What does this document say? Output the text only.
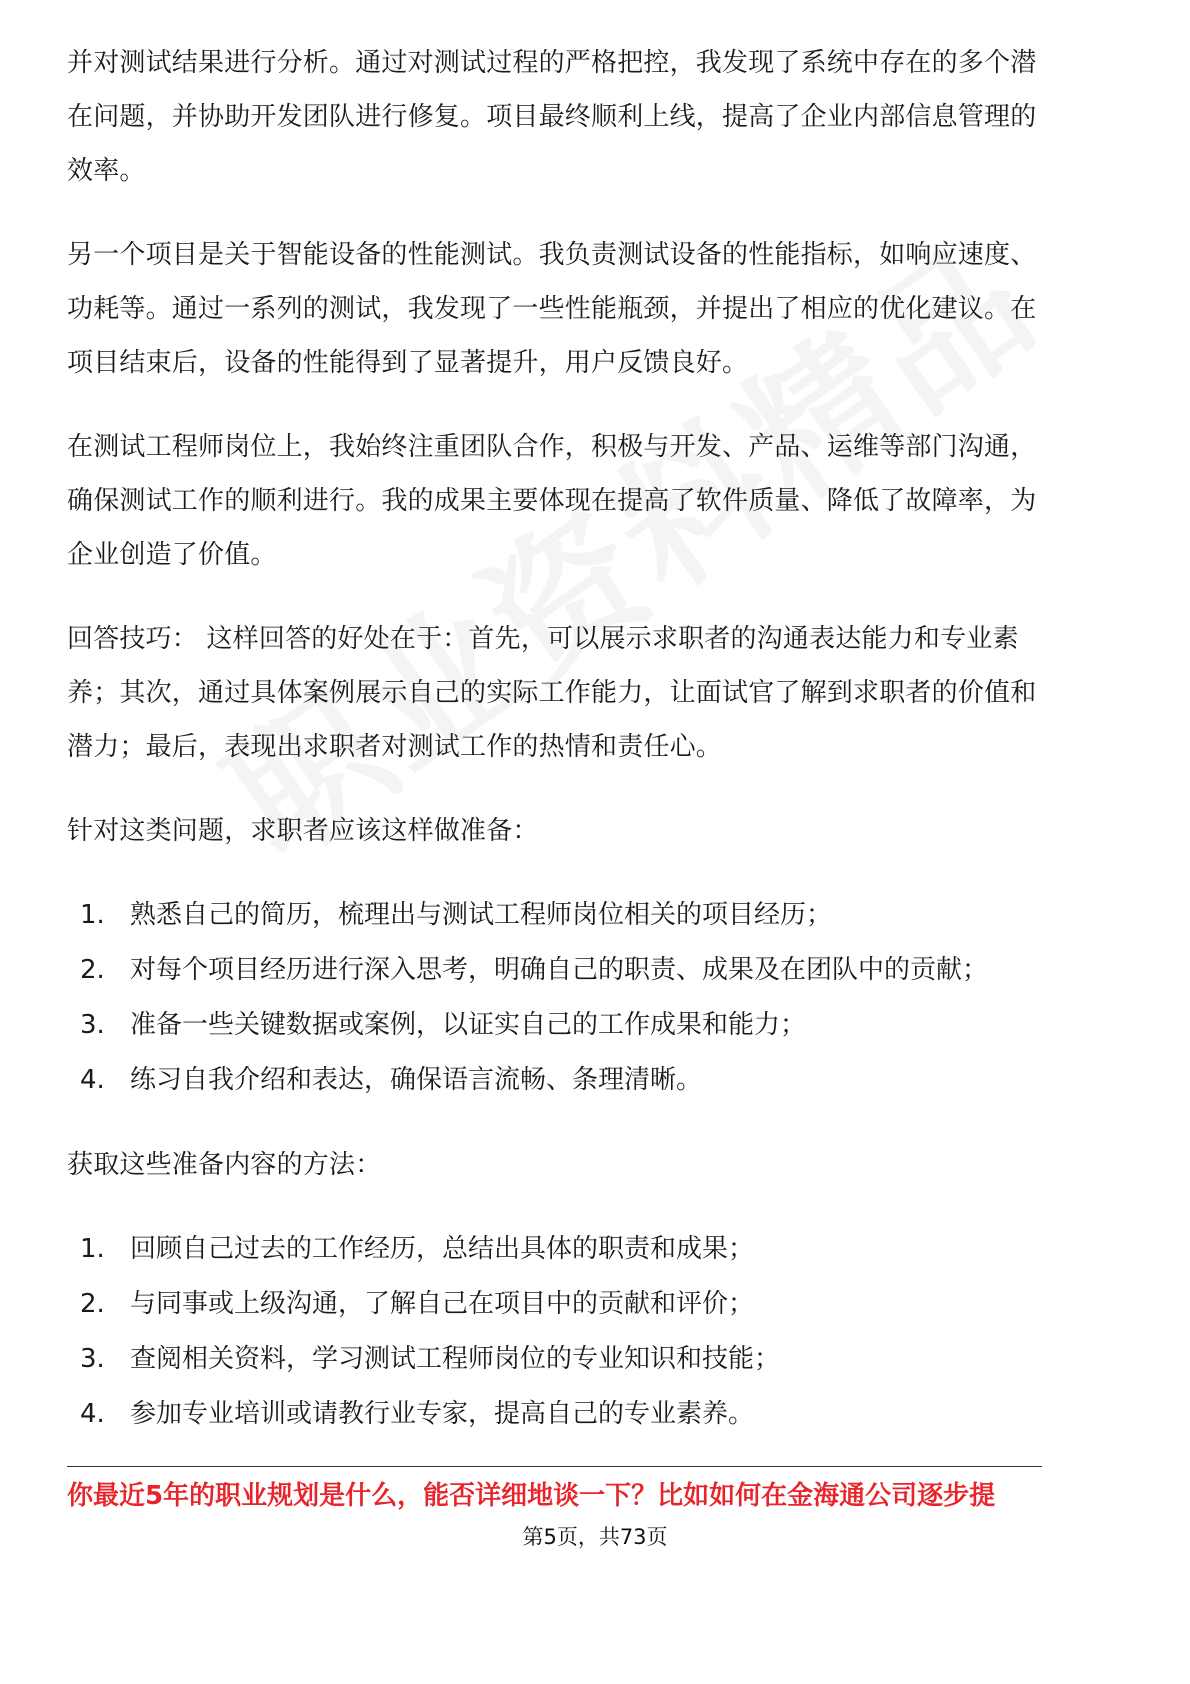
并对测试结果进行分析。通过对测试过程的严格把控，我发现了系统中存在的多个潜在问题，并协助开发团队进行修复。项目最终顺利上线，提高了企业内部信息管理的效率。

另一个项目是关于智能设备的性能测试。我负责测试设备的性能指标，如响应速度、功耗等。通过一系列的测试，我发现了一些性能瓶颈，并提出了相应的优化建议。在项目结束后，设备的性能得到了显著提升，用户反馈良好。

在测试工程师岗位上，我始终注重团队合作，积极与开发、产品、运维等部门沟通，确保测试工作的顺利进行。我的成果主要体现在提高了软件质量、降低了故障率，为企业创造了价值。

回答技巧： 这样回答的好处在于：首先，可以展示求职者的沟通表达能力和专业素养；其次，通过具体案例展示自己的实际工作能力，让面试官了解到求职者的价值和潜力；最后，表现出求职者对测试工作的热情和责任心。

针对这类问题，求职者应该这样做准备：

1. 熟悉自己的简历，梳理出与测试工程师岗位相关的项目经历；
2. 对每个项目经历进行深入思考，明确自己的职责、成果及在团队中的贡献；
3. 准备一些关键数据或案例，以证实自己的工作成果和能力；
4. 练习自我介绍和表达，确保语言流畅、条理清晰。

获取这些准备内容的方法：

1. 回顾自己过去的工作经历，总结出具体的职责和成果；
2. 与同事或上级沟通，了解自己在项目中的贡献和评价；
3. 查阅相关资料，学习测试工程师岗位的专业知识和技能；
4. 参加专业培训或请教行业专家，提高自己的专业素养。
你最近5年的职业规划是什么，能否详细地谈一下？比如如何在金海通公司逐步提
第5页，共73页
